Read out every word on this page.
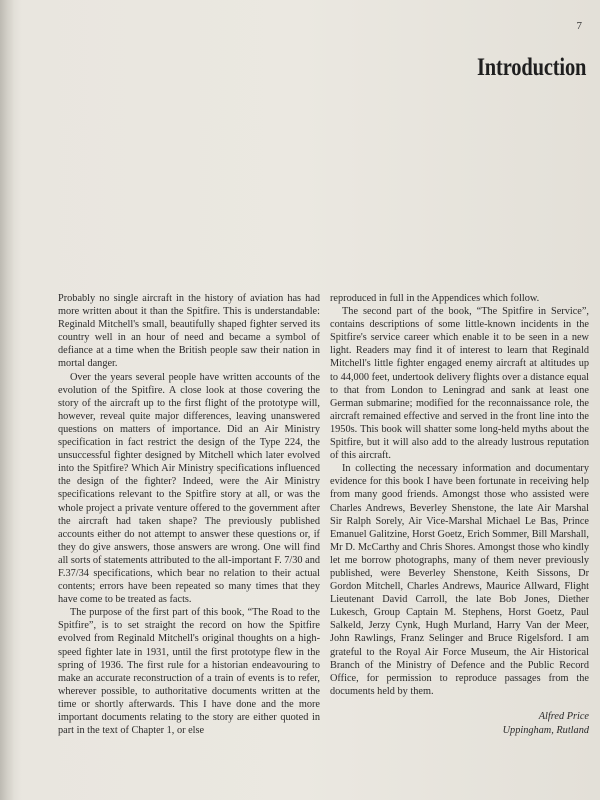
7
Introduction

Probably no single aircraft in the history of aviation has had more written about it than the Spitfire. This is understandable: Reginald Mitchell's small, beautifully shaped fighter served its country well in an hour of need and became a symbol of defiance at a time when the British people saw their nation in mortal danger.

Over the years several people have written accounts of the evolution of the Spitfire. A close look at those covering the story of the aircraft up to the first flight of the prototype will, however, reveal quite major differences, leaving unanswered questions on matters of importance. Did an Air Ministry specification in fact restrict the design of the Type 224, the unsuccessful fighter designed by Mitchell which later evolved into the Spitfire? Which Air Ministry specifications influenced the design of the fighter? Indeed, were the Air Ministry specifications relevant to the Spitfire story at all, or was the whole project a private venture offered to the government after the aircraft had taken shape? The previously published accounts either do not attempt to answer these questions or, if they do give answers, those answers are wrong. One will find all sorts of statements attributed to the all-important F. 7/30 and F.37/34 specifications, which bear no relation to their actual contents; errors have been repeated so many times that they have come to be treated as facts.

The purpose of the first part of this book, “The Road to the Spitfire”, is to set straight the record on how the Spitfire evolved from Reginald Mitchell's original thoughts on a high-speed fighter late in 1931, until the first prototype flew in the spring of 1936. The first rule for a historian endeavouring to make an accurate reconstruction of a train of events is to refer, wherever possible, to authoritative documents written at the time or shortly afterwards. This I have done and the more important documents relating to the story are either quoted in part in the text of Chapter 1, or else

reproduced in full in the Appendices which follow.

The second part of the book, “The Spitfire in Service”, contains descriptions of some little-known incidents in the Spitfire's service career which enable it to be seen in a new light. Readers may find it of interest to learn that Reginald Mitchell's little fighter engaged enemy aircraft at altitudes up to 44,000 feet, undertook delivery flights over a distance equal to that from London to Leningrad and sank at least one German submarine; modified for the reconnaissance role, the aircraft remained effective and served in the front line into the 1950s. This book will shatter some long-held myths about the Spitfire, but it will also add to the already lustrous reputation of this aircraft.

In collecting the necessary information and documentary evidence for this book I have been fortunate in receiving help from many good friends. Amongst those who assisted were Charles Andrews, Beverley Shenstone, the late Air Marshal Sir Ralph Sorely, Air Vice-Marshal Michael Le Bas, Prince Emanuel Galitzine, Horst Goetz, Erich Sommer, Bill Marshall, Mr D. McCarthy and Chris Shores. Amongst those who kindly let me borrow photographs, many of them never previously published, were Beverley Shenstone, Keith Sissons, Dr Gordon Mitchell, Charles Andrews, Maurice Allward, Flight Lieutenant David Carroll, the late Bob Jones, Diether Lukesch, Group Captain M. Stephens, Horst Goetz, Paul Salkeld, Jerzy Cynk, Hugh Murland, Harry Van der Meer, John Rawlings, Franz Selinger and Bruce Rigelsford. I am grateful to the Royal Air Force Museum, the Air Historical Branch of the Ministry of Defence and the Public Record Office, for permission to reproduce passages from the documents held by them.

Alfred Price
Uppingham, Rutland
